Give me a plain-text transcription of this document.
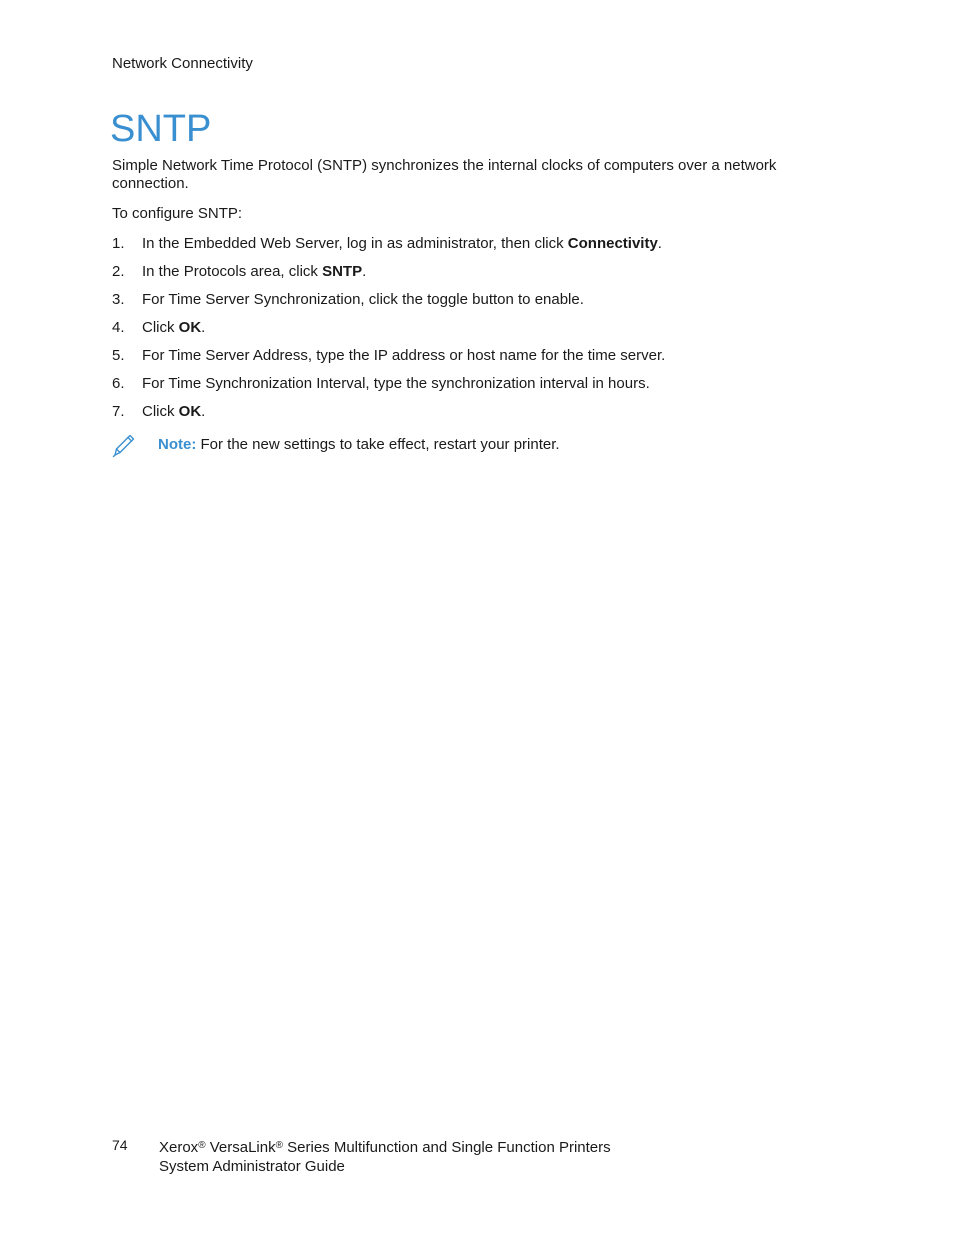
Network Connectivity
SNTP

Simple Network Time Protocol (SNTP) synchronizes the internal clocks of computers over a network connection.

To configure SNTP:

1.	In the Embedded Web Server, log in as administrator, then click Connectivity.
2.	In the Protocols area, click SNTP.
3.	For Time Server Synchronization, click the toggle button to enable.
4.	Click OK.
5.	For Time Server Address, type the IP address or host name for the time server.
6.	For Time Synchronization Interval, type the synchronization interval in hours.
7.	Click OK.
Note: For the new settings to take effect, restart your printer.
74 Xerox® VersaLink® Series Multifunction and Single Function Printers
System Administrator Guide
